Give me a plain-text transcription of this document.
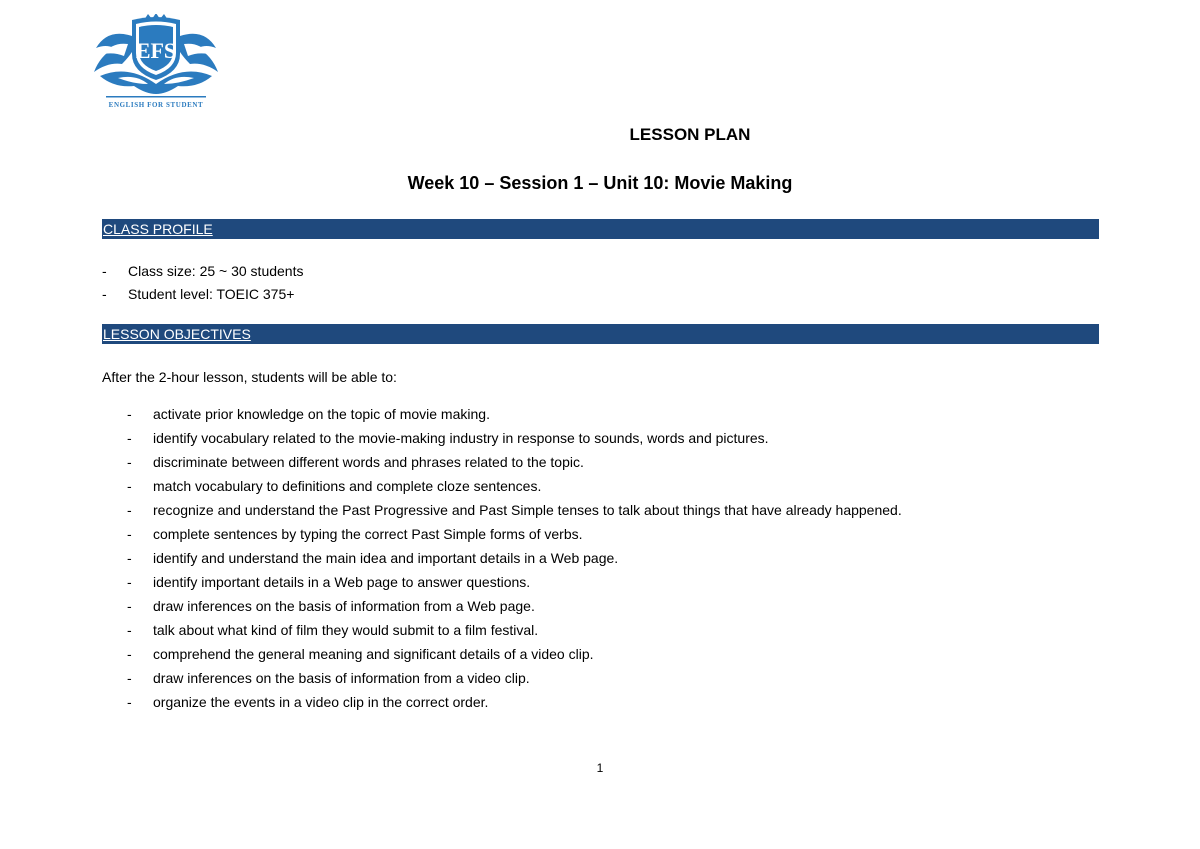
EFS
ENGLISH FOR STUDENT
LESSON PLAN
Week 10 – Session 1 – Unit 10: Movie Making
CLASS PROFILE
- Class size: 25 ~ 30 students
- Student level: TOEIC 375+
LESSON OBJECTIVES
After the 2-hour lesson, students will be able to:
- activate prior knowledge on the topic of movie making.
- identify vocabulary related to the movie-making industry in response to sounds, words and pictures.
- discriminate between different words and phrases related to the topic.
- match vocabulary to definitions and complete cloze sentences.
- recognize and understand the Past Progressive and Past Simple tenses to talk about things that have already happened.
- complete sentences by typing the correct Past Simple forms of verbs.
- identify and understand the main idea and important details in a Web page.
- identify important details in a Web page to answer questions.
- draw inferences on the basis of information from a Web page.
- talk about what kind of film they would submit to a film festival.
- comprehend the general meaning and significant details of a video clip.
- draw inferences on the basis of information from a video clip.
- organize the events in a video clip in the correct order.
1
